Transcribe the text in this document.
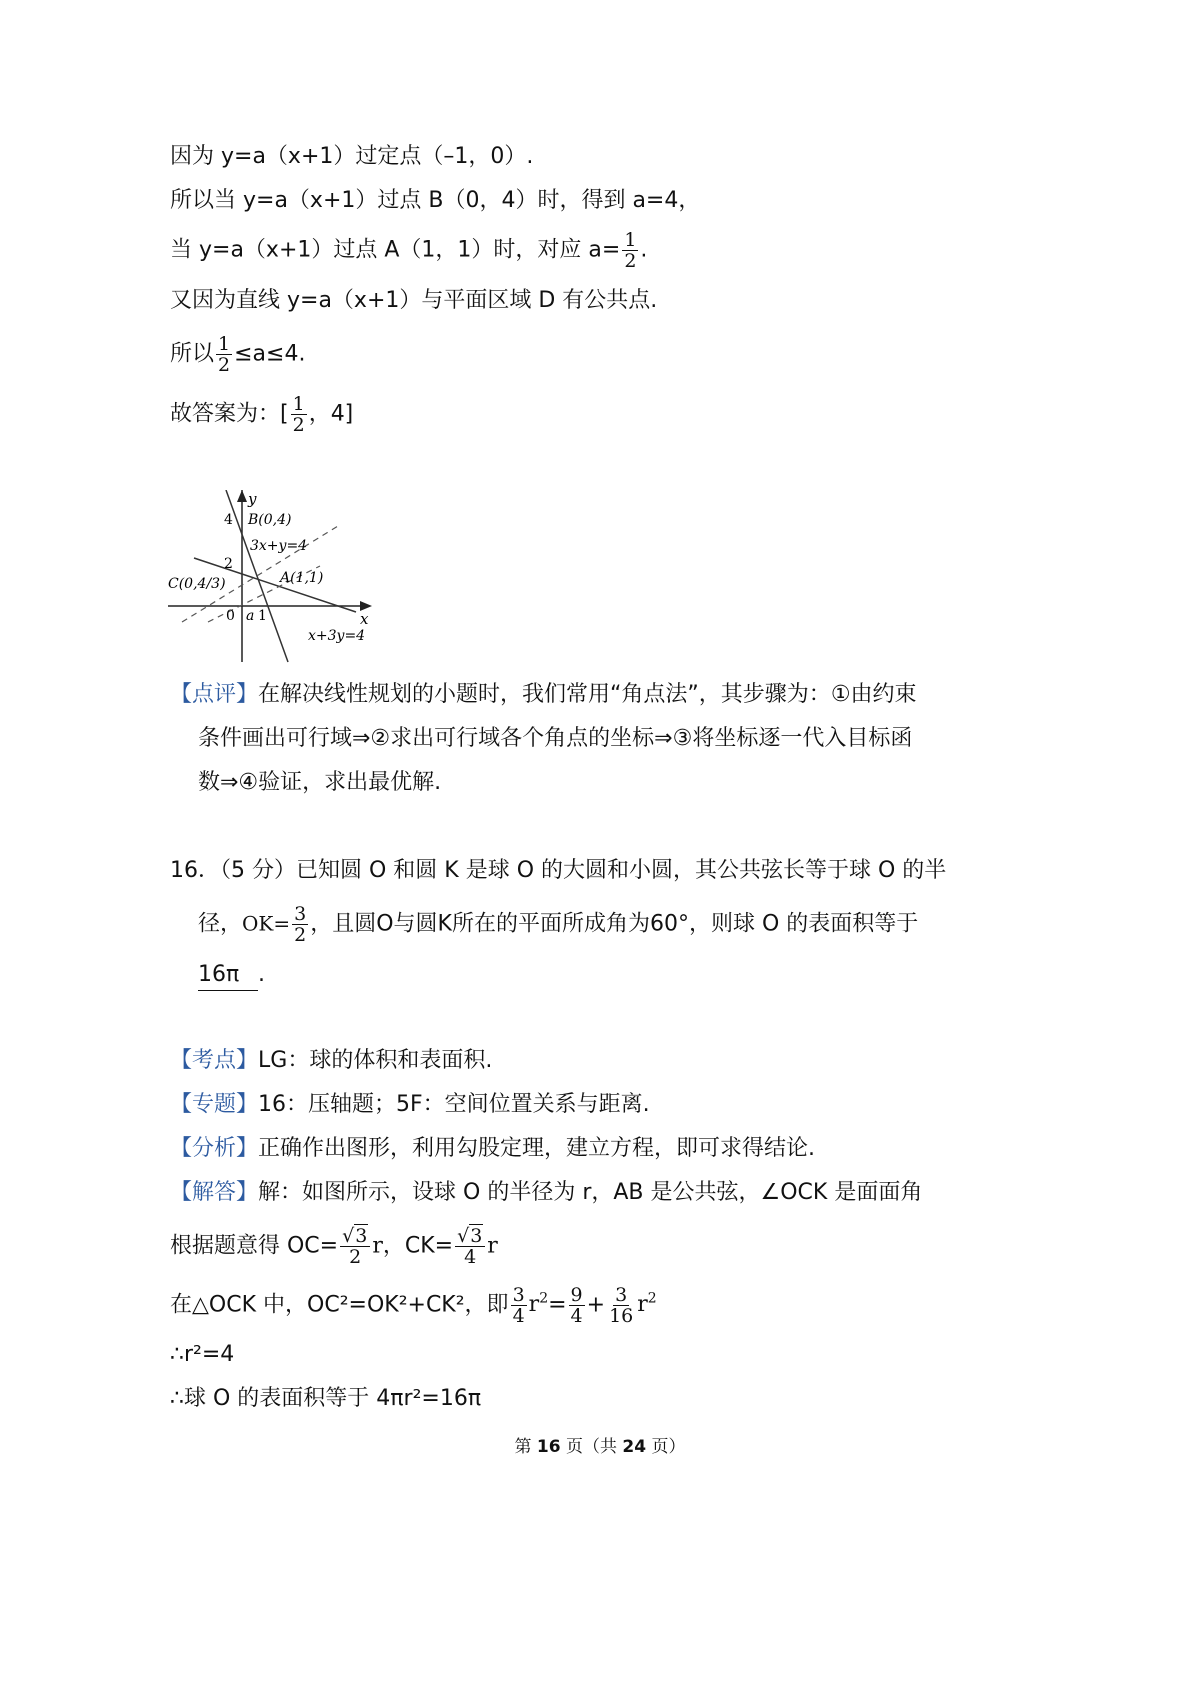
因为 y=a（x+1）过定点（–1，0）.
所以当 y=a（x+1）过点 B（0，4）时，得到 a=4，
当 y=a（x+1）过点 A（1，1）时，对应 $a= \frac{1}{2}$ .
又因为直线 y=a（x+1）与平面区域 D 有公共点.
所以 $\frac{1}{2} \le a\le 4$.
故答案为：[ $\frac{1}{2}$ ，4]
y
x
4 B(0,4)
3x+y=4
2
C(0,4/3)	A(1,1)
0 a 1
x+3y=4
【点评】在解决线性规划的小题时，我们常用“角点法”，其步骤为：①由约束
条件画出可行域⇒②求出可行域各个角点的坐标⇒③将坐标逐一代入目标函
数⇒④验证，求出最优解.
16．（5 分）已知圆 O 和圆 K 是球 O 的大圆和小圆，其公共弦长等于球 O 的半
径，$OK= \frac{3}{2}$ ，且圆O与圆K所在的平面所成角为60°，则球 O 的表面积等于
16π .
【考点】LG：球的体积和表面积.
【专题】16：压轴题；5F：空间位置关系与距离.
【分析】正确作出图形，利用勾股定理，建立方程，即可求得结论.
【解答】解：如图所示，设球 O 的半径为 r，AB 是公共弦，∠OCK 是面面角
根据题意得 $OC= \frac{√3}{2}$ r，$CK= \frac{√3}{4}$ r
在△OCK 中，OC²=OK²+CK²，即 $\frac{3}{4} r^2= \frac{9}{4} + \frac{3}{16} r^2$
∴r²=4
∴球 O 的表面积等于 4πr²=16π
第 16 页（共 24 页）
